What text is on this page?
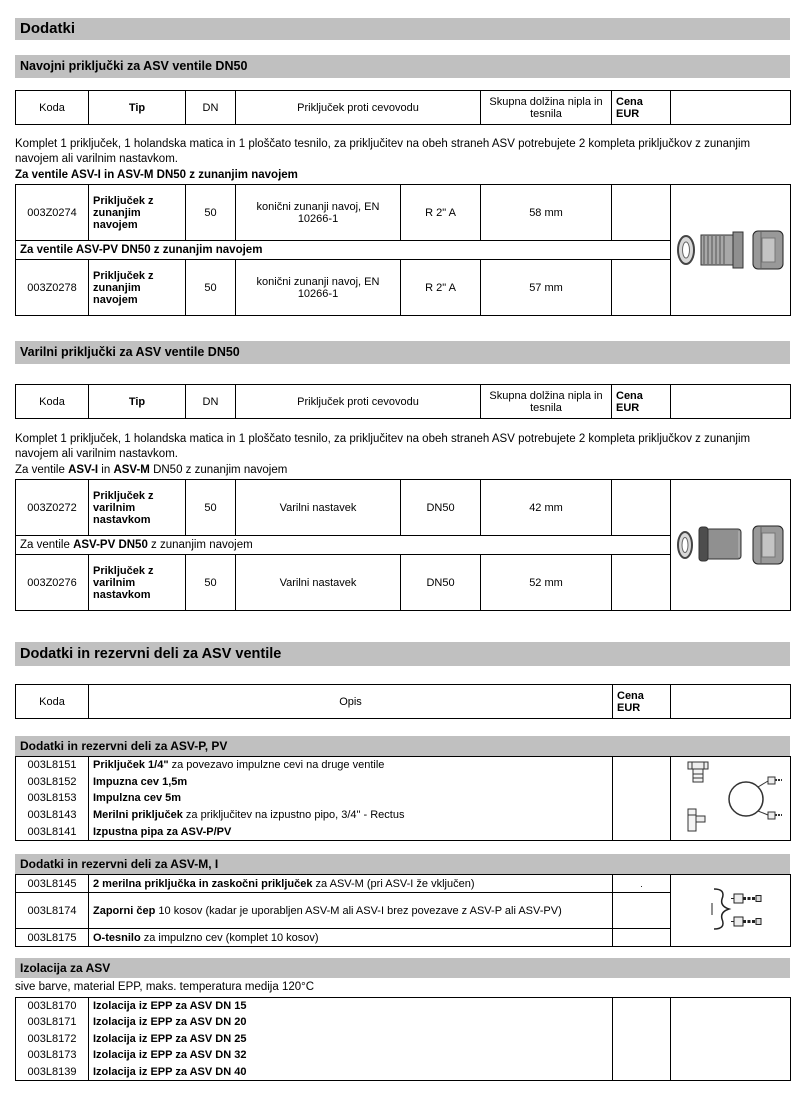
Dodatki
Navojni priključki za ASV ventile DN50
Koda	Tip	DN	Priključek proti cevovodu	Skupna dolžina nipla in tesnila	Cena EUR	
Komplet 1 priključek, 1 holandska matica in 1 ploščato tesnilo, za priključitev na obeh straneh ASV potrebujete 2 kompleta priključkov z zunanjim navojem ali varilnim nastavkom.
Za ventile ASV-I in ASV-M DN50 z zunanjim navojem
003Z0274	Priključek z zunanjim navojem	50	konični zunanji navoj, EN 10266-1	R 2" A	58 mm		
Za ventile ASV-PV DN50 z zunanjim navojem							
003Z0278	Priključek z zunanjim navojem	50	konični zunanji navoj, EN 10266-1	R 2" A	57 mm		
Varilni priključki za ASV ventile DN50
Koda	Tip	DN	Priključek proti cevovodu	Skupna dolžina nipla in tesnila	Cena EUR	
Komplet 1 priključek, 1 holandska matica in 1 ploščato tesnilo, za priključitev na obeh straneh ASV potrebujete 2 kompleta priključkov z zunanjim navojem ali varilnim nastavkom.
Za ventile ASV-I in ASV-M DN50 z zunanjim navojem
003Z0272	Priključek z varilnim nastavkom	50	Varilni nastavek	DN50	42 mm		
Za ventile ASV-PV DN50 z zunanjim navojem							
003Z0276	Priključek z varilnim nastavkom	50	Varilni nastavek	DN50	52 mm		
Dodatki in rezervni deli za ASV ventile
Koda	Opis	Cena EUR	
Dodatki in rezervni deli za ASV-P, PV
003L8151	Priključek 1/4" za povezavo impulzne cevi na druge ventile		
003L8152	Impuzna cev 1,5m		
003L8153	Impulzna cev 5m		
003L8143	Merilni priključek za priključitev na izpustno pipo, 3/4" - Rectus		
003L8141	Izpustna pipa za ASV-P/PV		
Dodatki in rezervni deli za ASV-M, I
003L8145	2 merilna priključka in zaskočni priključek za ASV-M (pri ASV-I že vključen)	.	
003L8174	Zaporni čep 10 kosov (kadar je uporabljen ASV-M ali ASV-I brez povezave z ASV-P ali ASV-PV)		
003L8175	O-tesnilo za impulzno cev (komplet 10 kosov)		
Izolacija za ASV
sive barve, material EPP, maks. temperatura medija 120°C
003L8170	Izolacija iz EPP za ASV DN 15		
003L8171	Izolacija iz EPP za ASV DN 20		
003L8172	Izolacija iz EPP za ASV DN 25		
003L8173	Izolacija iz EPP za ASV DN 32		
003L8139	Izolacija iz EPP za ASV DN 40		
